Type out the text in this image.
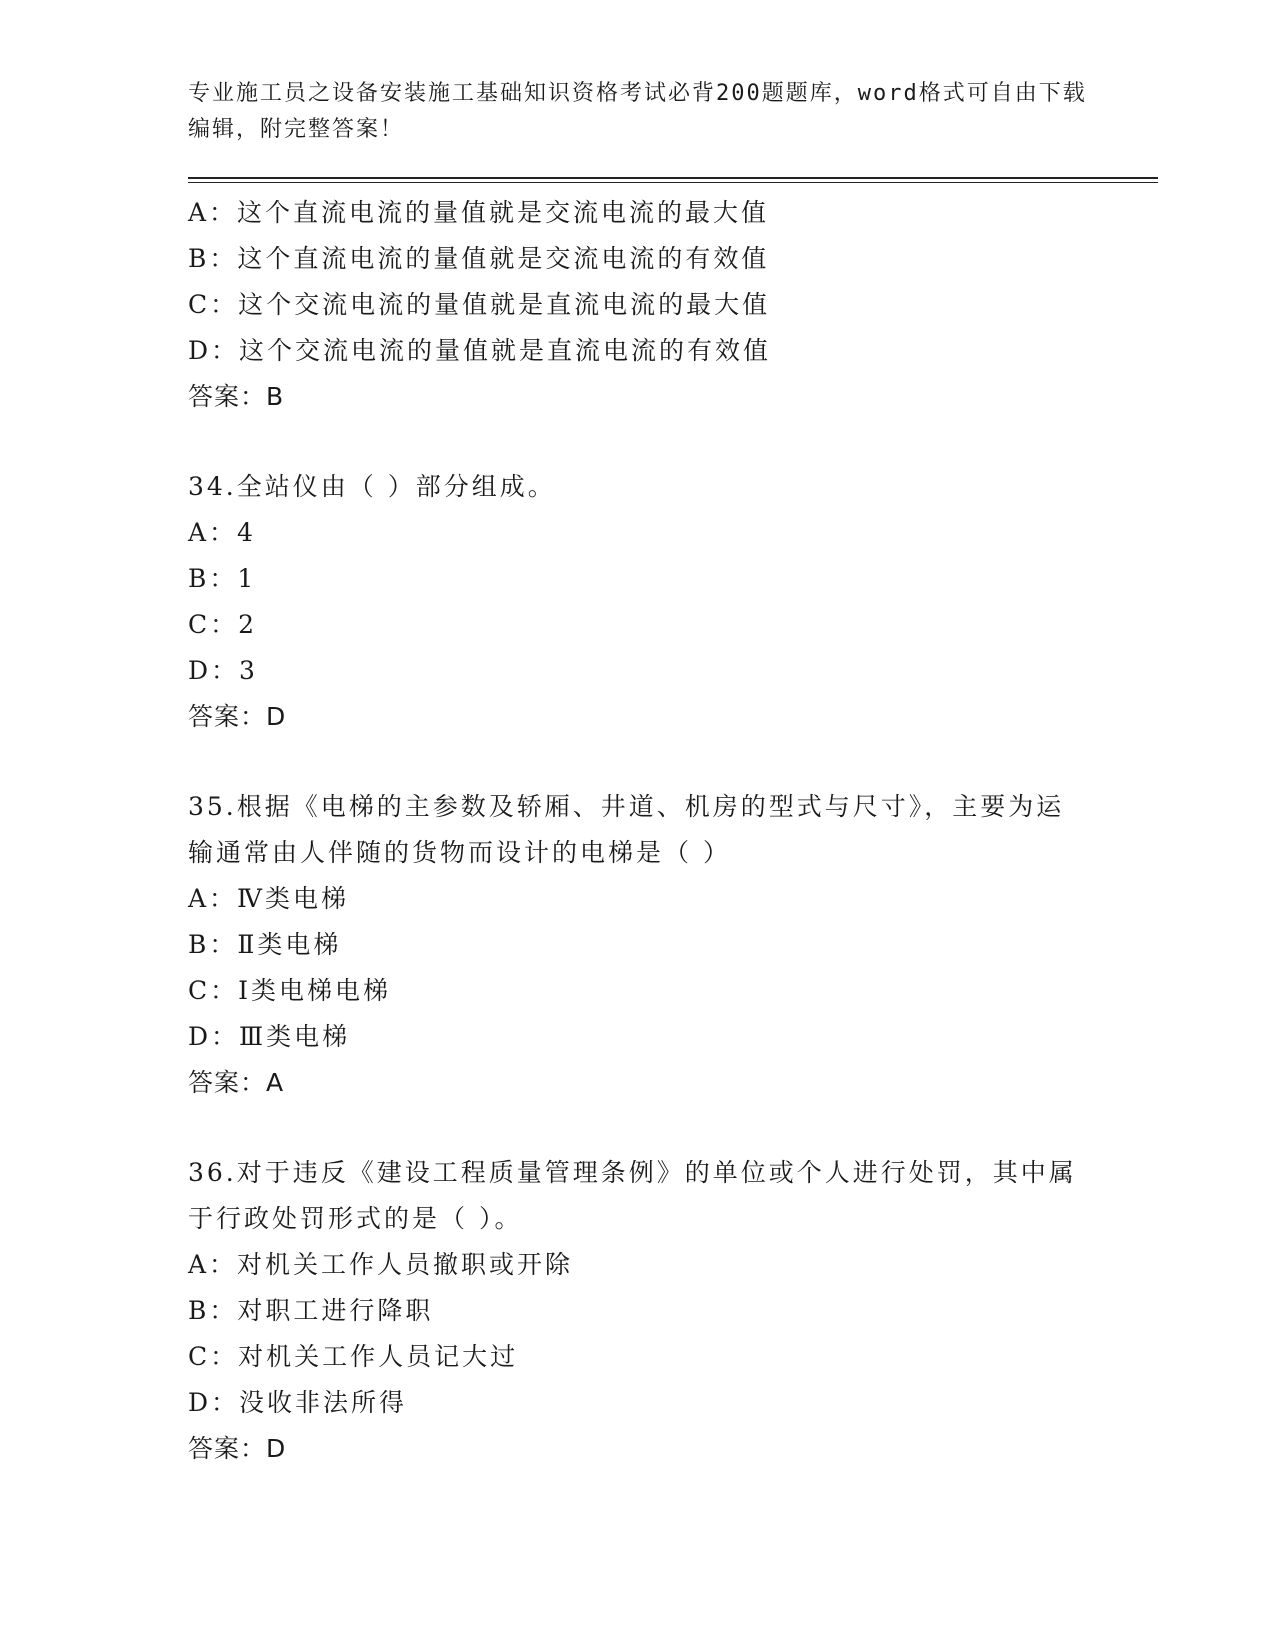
专业施工员之设备安装施工基础知识资格考试必背200题题库，word格式可自由下载编辑，附完整答案！
A：这个直流电流的量值就是交流电流的最大值
B：这个直流电流的量值就是交流电流的有效值
C：这个交流电流的量值就是直流电流的最大值
D：这个交流电流的量值就是直流电流的有效值
答案：B
34.全站仪由（ ）部分组成。
A：4
B：1
C：2
D：3
答案：D
35.根据《电梯的主参数及轿厢、井道、机房的型式与尺寸》，主要为运输通常由人伴随的货物而设计的电梯是（ ）
A：Ⅳ类电梯
B：Ⅱ类电梯
C：Ⅰ类电梯电梯
D：Ⅲ类电梯
答案：A
36.对于违反《建设工程质量管理条例》的单位或个人进行处罚，其中属于行政处罚形式的是（ ）。
A：对机关工作人员撤职或开除
B：对职工进行降职
C：对机关工作人员记大过
D：没收非法所得
答案：D
